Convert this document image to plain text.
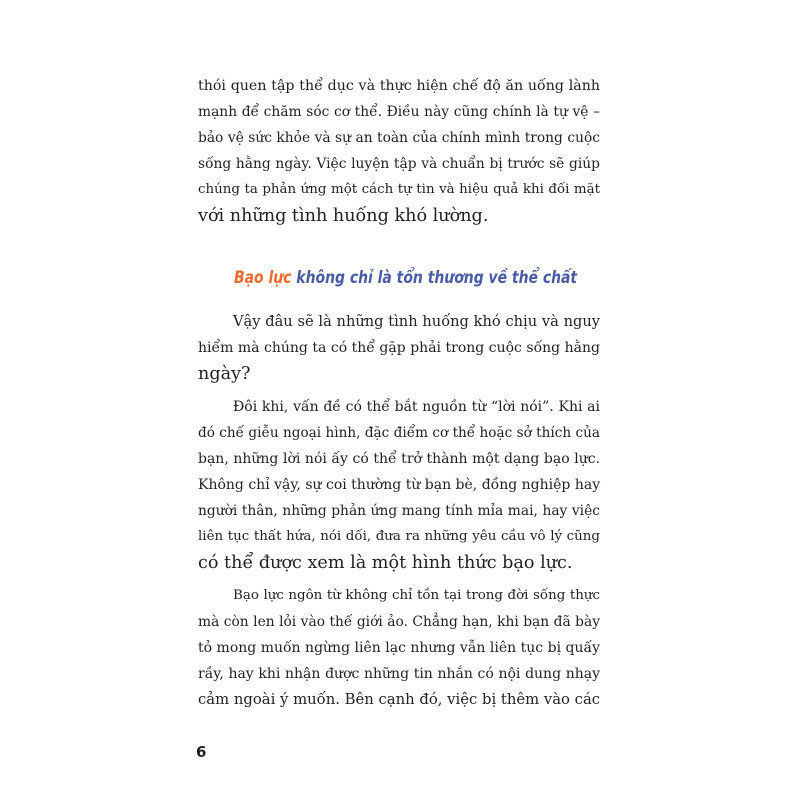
thói quen tập thể dục và thực hiện chế độ ăn uống lành
mạnh để chăm sóc cơ thể. Điều này cũng chính là tự vệ –
bảo vệ sức khỏe và sự an toàn của chính mình trong cuộc
sống hằng ngày. Việc luyện tập và chuẩn bị trước sẽ giúp
chúng ta phản ứng một cách tự tin và hiệu quả khi đối mặt
với những tình huống khó lường.
Bạo lực không chỉ là tổn thương về thể chất
Vậy đâu sẽ là những tình huống khó chịu và nguy
hiểm mà chúng ta có thể gặp phải trong cuộc sống hằng
ngày?
Đôi khi, vấn đề có thể bắt nguồn từ “lời nói”. Khi ai
đó chế giễu ngoại hình, đặc điểm cơ thể hoặc sở thích của
bạn, những lời nói ấy có thể trở thành một dạng bạo lực.
Không chỉ vậy, sự coi thường từ bạn bè, đồng nghiệp hay
người thân, những phản ứng mang tính mỉa mai, hay việc
liên tục thất hứa, nói dối, đưa ra những yêu cầu vô lý cũng
có thể được xem là một hình thức bạo lực.
Bạo lực ngôn từ không chỉ tồn tại trong đời sống thực
mà còn len lỏi vào thế giới ảo. Chẳng hạn, khi bạn đã bày
tỏ mong muốn ngừng liên lạc nhưng vẫn liên tục bị quấy
rầy, hay khi nhận được những tin nhắn có nội dung nhạy
cảm ngoài ý muốn. Bên cạnh đó, việc bị thêm vào các
6
